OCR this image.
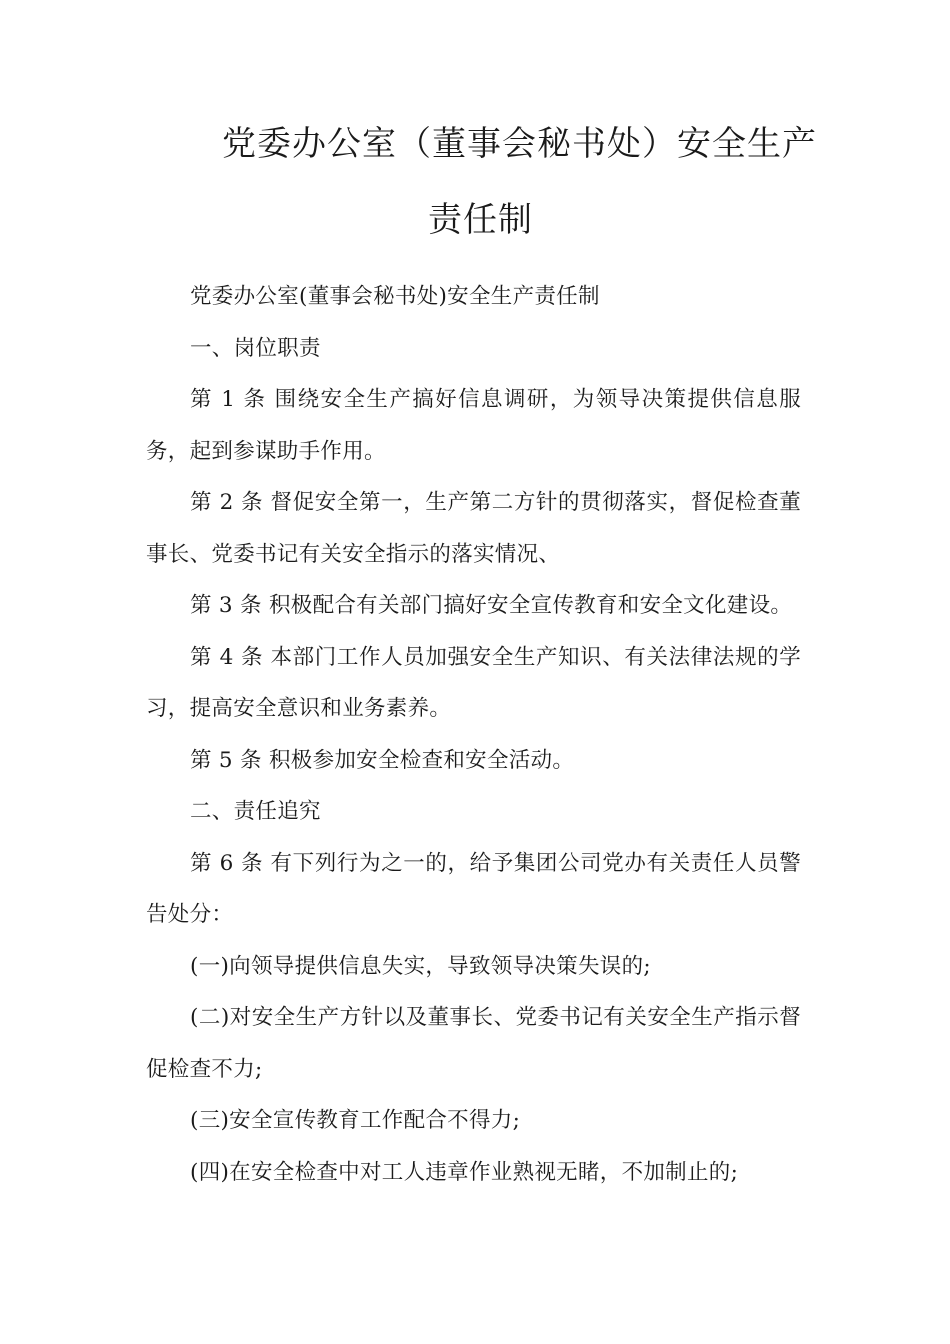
党委办公室（董事会秘书处）安全生产
责任制

党委办公室(董事会秘书处)安全生产责任制

一、岗位职责

第 1 条 围绕安全生产搞好信息调研，为领导决策提供信息服务，起到参谋助手作用。

第 2 条 督促安全第一，生产第二方针的贯彻落实，督促检查董事长、党委书记有关安全指示的落实情况、

第 3 条 积极配合有关部门搞好安全宣传教育和安全文化建设。

第 4 条 本部门工作人员加强安全生产知识、有关法律法规的学习，提高安全意识和业务素养。

第 5 条 积极参加安全检查和安全活动。

二、责任追究

第 6 条 有下列行为之一的，给予集团公司党办有关责任人员警告处分：

(一)向领导提供信息失实，导致领导决策失误的;

(二)对安全生产方针以及董事长、党委书记有关安全生产指示督促检查不力;

(三)安全宣传教育工作配合不得力;

(四)在安全检查中对工人违章作业熟视无睹，不加制止的;
